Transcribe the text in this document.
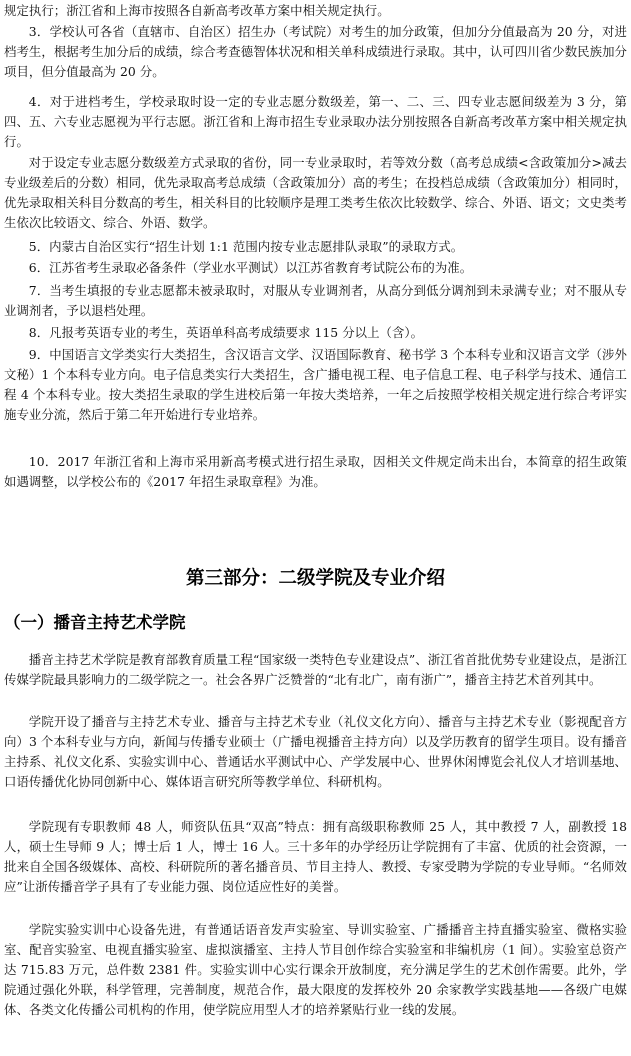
规定执行；浙江省和上海市按照各自新高考改革方案中相关规定执行。

3．学校认可各省（直辖市、自治区）招生办（考试院）对考生的加分政策，但加分分值最高为 20 分，对进档考生，根据考生加分后的成绩，综合考查德智体状况和相关单科成绩进行录取。其中，认可四川省少数民族加分项目，但分值最高为 20 分。

4．对于进档考生，学校录取时设一定的专业志愿分数级差，第一、二、三、四专业志愿间级差为 3 分，第四、五、六专业志愿视为平行志愿。浙江省和上海市招生专业录取办法分别按照各自新高考改革方案中相关规定执行。

对于设定专业志愿分数级差方式录取的省份，同一专业录取时，若等效分数（高考总成绩<含政策加分>减去专业级差后的分数）相同，优先录取高考总成绩（含政策加分）高的考生；在投档总成绩（含政策加分）相同时，优先录取相关科目分数高的考生，相关科目的比较顺序是理工类考生依次比较数学、综合、外语、语文；文史类考生依次比较语文、综合、外语、数学。

5．内蒙古自治区实行“招生计划 1:1 范围内按专业志愿排队录取”的录取方式。

6．江苏省考生录取必备条件（学业水平测试）以江苏省教育考试院公布的为准。

7．当考生填报的专业志愿都未被录取时，对服从专业调剂者，从高分到低分调剂到未录满专业；对不服从专业调剂者，予以退档处理。

8．凡报考英语专业的考生，英语单科高考成绩要求 115 分以上（含）。

9．中国语言文学类实行大类招生，含汉语言文学、汉语国际教育、秘书学 3 个本科专业和汉语言文学（涉外文秘）1 个本科专业方向。电子信息类实行大类招生，含广播电视工程、电子信息工程、电子科学与技术、通信工程 4 个本科专业。按大类招生录取的学生进校后第一年按大类培养，一年之后按照学校相关规定进行综合考评实施专业分流，然后于第二年开始进行专业培养。

10．2017 年浙江省和上海市采用新高考模式进行招生录取，因相关文件规定尚未出台，本简章的招生政策如遇调整，以学校公布的《2017 年招生录取章程》为准。

第三部分：二级学院及专业介绍
（一）播音主持艺术学院

播音主持艺术学院是教育部教育质量工程“国家级一类特色专业建设点”、浙江省首批优势专业建设点，是浙江传媒学院最具影响力的二级学院之一。社会各界广泛赞誉的“北有北广，南有浙广”，播音主持艺术首列其中。

学院开设了播音与主持艺术专业、播音与主持艺术专业（礼仪文化方向）、播音与主持艺术专业（影视配音方向）3 个本科专业与方向，新闻与传播专业硕士（广播电视播音主持方向）以及学历教育的留学生项目。设有播音主持系、礼仪文化系、实验实训中心、普通话水平测试中心、产学发展中心、世界休闲博览会礼仪人才培训基地、口语传播优化协同创新中心、媒体语言研究所等教学单位、科研机构。

学院现有专职教师 48 人，师资队伍具“双高”特点：拥有高级职称教师 25 人，其中教授 7 人，副教授 18 人，硕士生导师 9 人；博士后 1 人，博士 16 人。三十多年的办学经历让学院拥有了丰富、优质的社会资源，一批来自全国各级媒体、高校、科研院所的著名播音员、节目主持人、教授、专家受聘为学院的专业导师。“名师效应”让浙传播音学子具有了专业能力强、岗位适应性好的美誉。

学院实验实训中心设备先进，有普通话语音发声实验室、导训实验室、广播播音主持直播实验室、微格实验室、配音实验室、电视直播实验室、虚拟演播室、主持人节目创作综合实验室和非编机房（1 间）。实验室总资产达 715.83 万元，总件数 2381 件。实验实训中心实行课余开放制度，充分满足学生的艺术创作需要。此外，学院通过强化外联，科学管理，完善制度，规范合作，最大限度的发挥校外 20 余家教学实践基地——各级广电媒体、各类文化传播公司机构的作用，使学院应用型人才的培养紧贴行业一线的发展。
